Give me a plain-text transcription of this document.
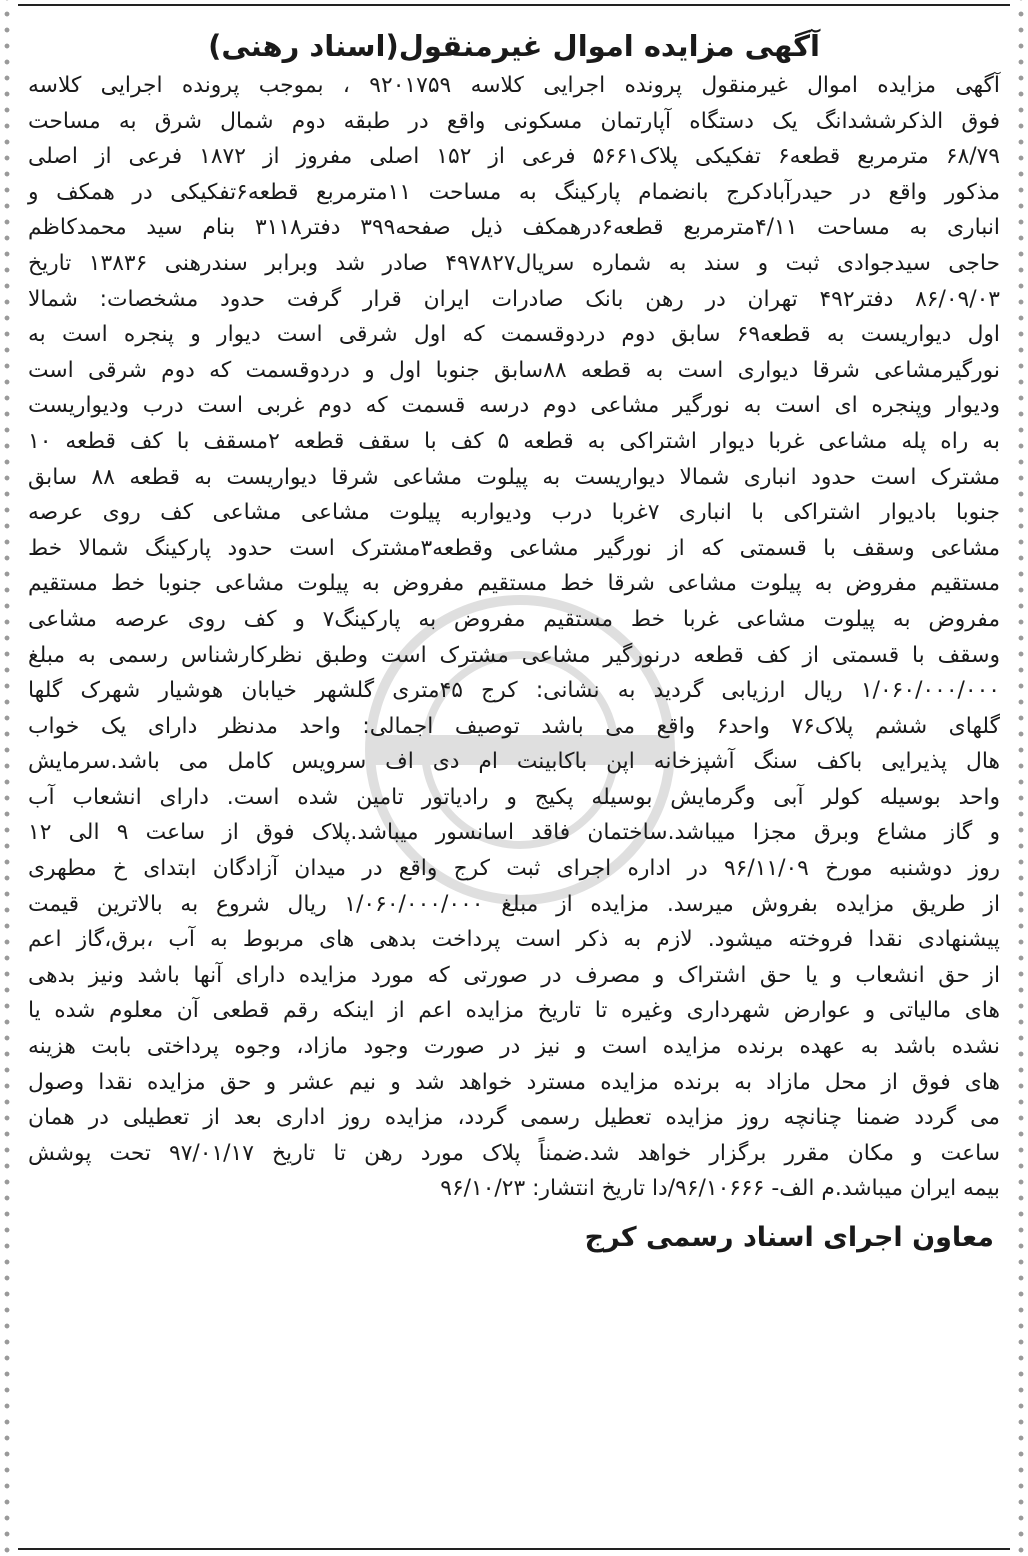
آگهی مزایده اموال غیرمنقول(اسناد رهنی)
آگهی مزایده اموال غیرمنقول پرونده اجرایی کلاسه ۹۲۰۱۷۵۹ ، بموجب پرونده اجرایی کلاسه
فوق الذکرششدانگ یک دستگاه آپارتمان مسکونی واقع در طبقه دوم شمال شرق به مساحت
۶۸/۷۹ مترمربع قطعه۶ تفکیکی پلاک۵۶۶۱ فرعی از ۱۵۲ اصلی مفروز از ۱۸۷۲ فرعی از اصلی
مذکور واقع در حیدرآبادکرج بانضمام پارکینگ به مساحت ۱۱مترمربع قطعه۶تفکیکی در همکف و
انباری به مساحت ۴/۱۱مترمربع قطعه۶درهمکف ذیل صفحه۳۹۹ دفتر۳۱۱۸ بنام سید محمدکاظم
حاجی سیدجوادی ثبت و سند به شماره سریال۴۹۷۸۲۷ صادر شد وبرابر سندرهنی ۱۳۸۳۶ تاریخ
۸۶/۰۹/۰۳ دفتر۴۹۲ تهران در رهن بانک صادرات ایران قرار گرفت حدود مشخصات: شمالا
اول دیواریست به قطعه۶۹ سابق دوم دردوقسمت که اول شرقی است دیوار و پنجره است به
نورگیرمشاعی شرقا دیواری است به قطعه ۸۸سابق جنوبا اول و دردوقسمت که دوم شرقی است
ودیوار وپنجره ای است به نورگیر مشاعی دوم درسه قسمت که دوم غربی است درب ودیواریست
به راه پله مشاعی غربا دیوار اشتراکی به قطعه ۵ کف با سقف قطعه ۲مسقف با کف قطعه ۱۰
مشترک است حدود انباری شمالا دیواریست به پیلوت مشاعی شرقا دیواریست به قطعه ۸۸ سابق
جنوبا بادیوار اشتراکی با انباری ۷غربا درب ودیواربه پیلوت مشاعی مشاعی کف روی عرصه
مشاعی وسقف با قسمتی که از نورگیر مشاعی وقطعه۳مشترک است حدود پارکینگ شمالا خط
مستقیم مفروض به پیلوت مشاعی شرقا خط مستقیم مفروض به پیلوت مشاعی جنوبا خط مستقیم
مفروض به پیلوت مشاعی غربا خط مستقیم مفروض به پارکینگ۷ و کف روی عرصه مشاعی
وسقف با قسمتی از کف قطعه درنورگیر مشاعی مشترک است وطبق نظرکارشناس رسمی به مبلغ
۱/۰۶۰/۰۰۰/۰۰۰ ریال ارزیابی گردید به نشانی: کرج ۴۵متری گلشهر خیابان هوشیار شهرک گلها
گلهای ششم پلاک۷۶ واحد۶ واقع می باشد توصیف اجمالی: واحد مدنظر دارای یک خواب
هال پذیرایی باکف سنگ آشپزخانه اپن باکابینت ام دی اف سرویس کامل می باشد.سرمایش
واحد بوسیله کولر آبی وگرمایش بوسیله پکیج و رادیاتور تامین شده است. دارای انشعاب آب
و گاز مشاع وبرق مجزا میباشد.ساختمان فاقد اسانسور میباشد.پلاک فوق از ساعت ۹ الی ۱۲
روز دوشنبه مورخ ۹۶/۱۱/۰۹ در اداره اجرای ثبت کرج واقع در میدان آزادگان ابتدای خ مطهری
از طریق مزایده بفروش میرسد. مزایده از مبلغ ۱/۰۶۰/۰۰۰/۰۰۰ ریال شروع به بالاترین قیمت
پیشنهادی نقدا فروخته میشود. لازم به ذکر است پرداخت بدهی های مربوط به آب ،برق،گاز اعم
از حق انشعاب و یا حق اشتراک و مصرف در صورتی که مورد مزایده دارای آنها باشد ونیز بدهی
های مالیاتی و عوارض شهرداری وغیره تا تاریخ مزایده اعم از اینکه رقم قطعی آن معلوم شده یا
نشده باشد به عهده برنده مزایده است و نیز در صورت وجود مازاد، وجوه پرداختی بابت هزینه
های فوق از محل مازاد به برنده مزایده مسترد خواهد شد و نیم عشر و حق مزایده نقدا وصول
می گردد ضمنا چنانچه روز مزایده تعطیل رسمی گردد، مزایده روز اداری بعد از تعطیلی در همان
ساعت و مکان مقرر برگزار خواهد شد.ضمناً پلاک مورد رهن تا تاریخ ۹۷/۰۱/۱۷ تحت پوشش
بیمه ایران میباشد.م الف- ۹۶/۱۰۶۶۶/دا تاریخ انتشار: ۹۶/۱۰/۲۳
معاون اجرای اسناد رسمی کرج
